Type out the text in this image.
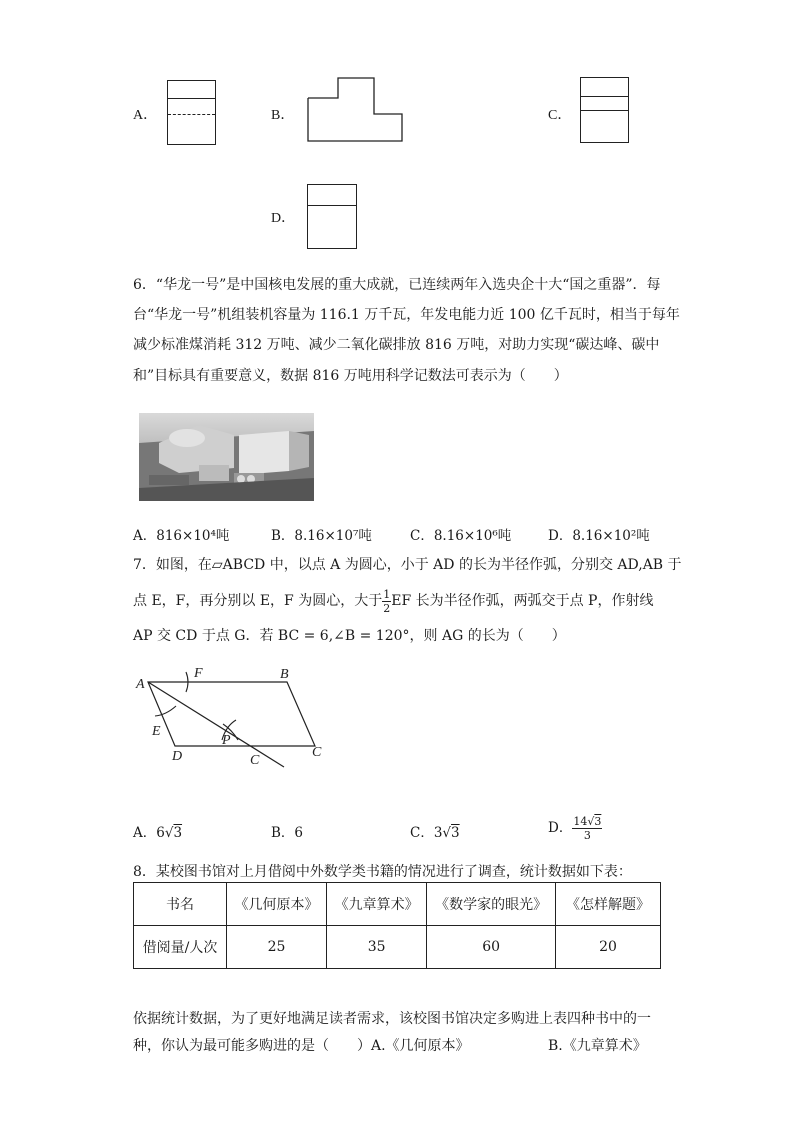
A．	B．	C．
D．
6．“华龙一号”是中国核电发展的重大成就，已连续两年入选央企十大“国之重器”．每
台“华龙一号”机组装机容量为 116.1 万千瓦，年发电能力近 100 亿千瓦时，相当于每年
减少标准煤消耗 312 万吨、减少二氧化碳排放 816 万吨，对助力实现“碳达峰、碳中
和”目标具有重要意义，数据 816 万吨用科学记数法可表示为（　　）
A．816×10⁴吨	B．8.16×10⁷吨	C．8.16×10⁶吨	D．8.16×10²吨
7．如图，在▱ABCD 中，以点 A 为圆心，小于 AD 的长为半径作弧，分别交 AD,AB 于
点 E，F，再分别以 E，F 为圆心，大于 $\frac{1}{2}$ EF 长为半径作弧，两弧交于点 P，作射线
AP 交 CD 于点 G．若 BC = 6,∠B = 120°，则 AG 的长为（　　）
A
F	B
E
P
D	C
C
A．6√3	B．6	C．3√3	D． $\frac{14√3}{3}$
8．某校图书馆对上月借阅中外数学类书籍的情况进行了调查，统计数据如下表：
书名	《几何原本》	《九章算术》	《数学家的眼光》	《怎样解题》
借阅量/人次	25	35	60	20
依据统计数据，为了更好地满足读者需求，该校图书馆决定多购进上表四种书中的一
种，你认为最可能多购进的是（　　）A.《几何原本》	B.《九章算术》
